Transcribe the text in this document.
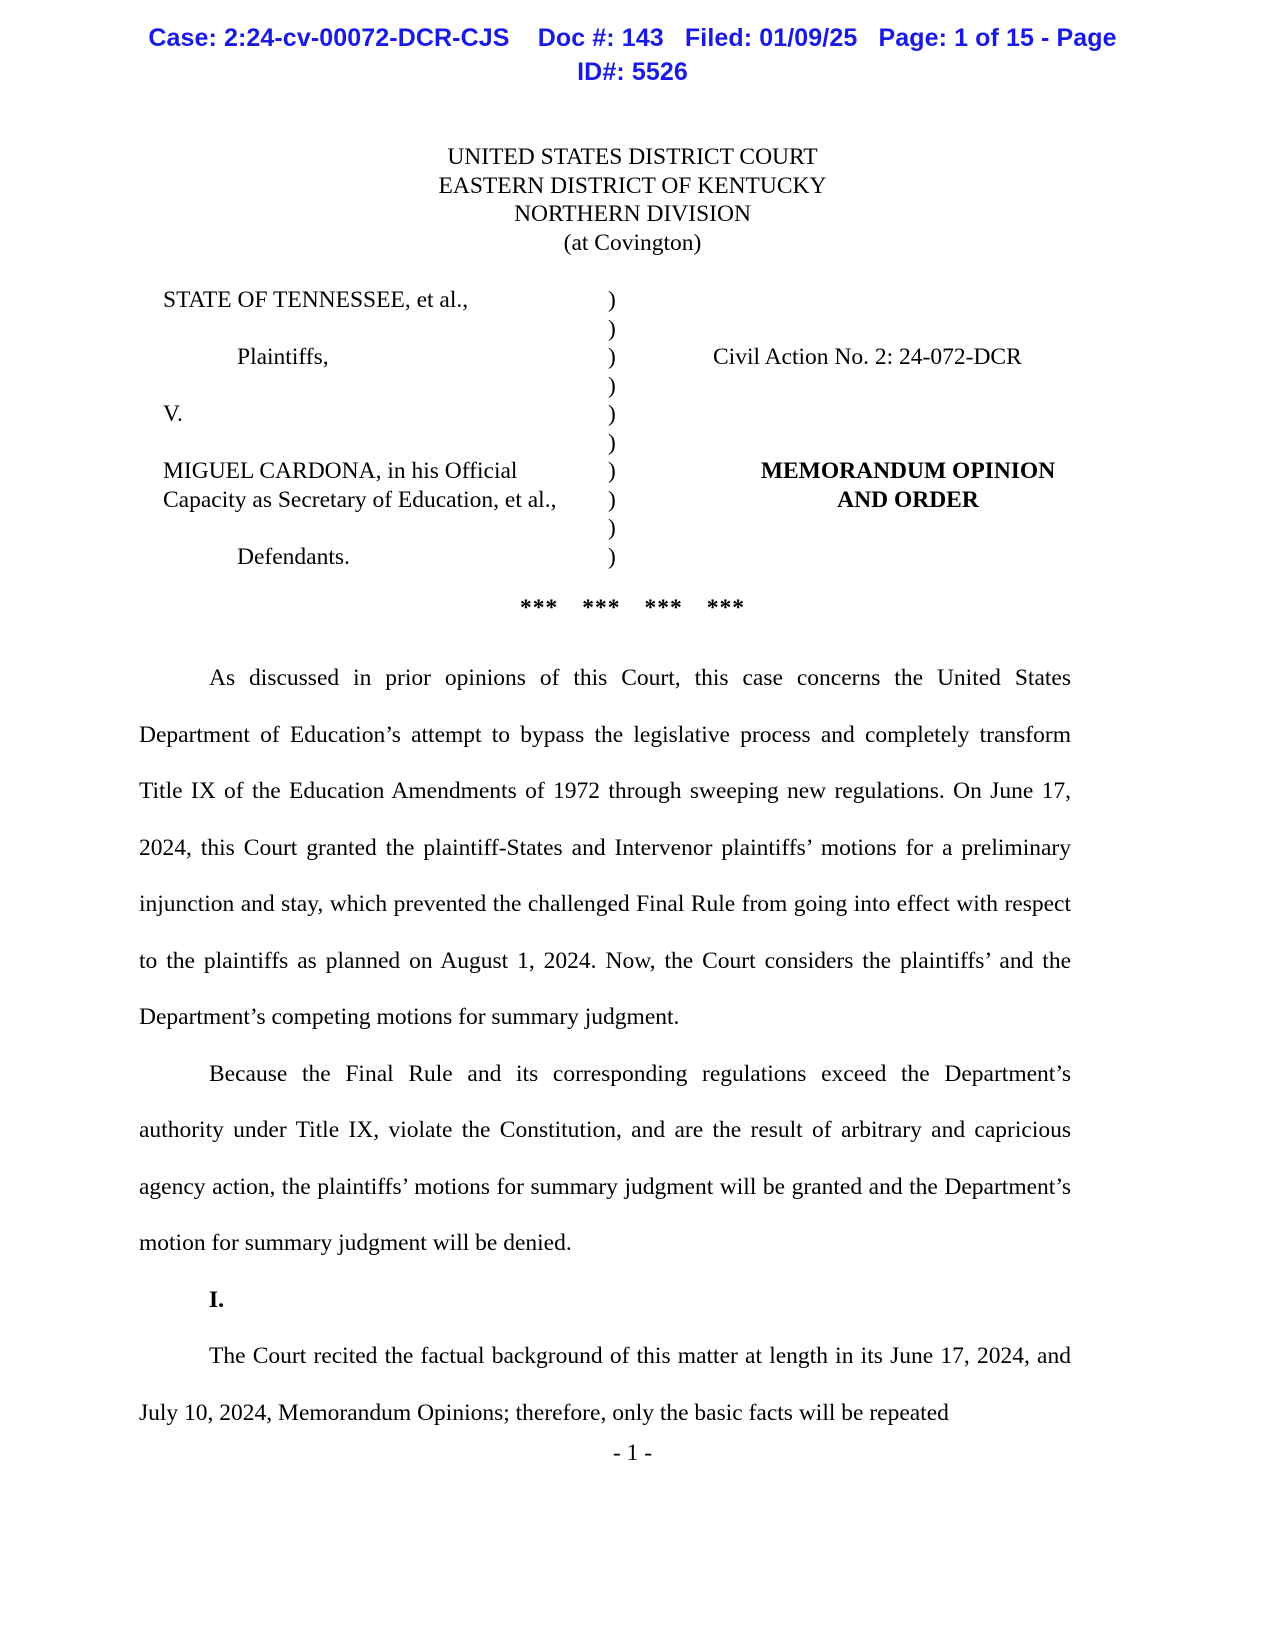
Case: 2:24-cv-00072-DCR-CJS Doc #: 143 Filed: 01/09/25 Page: 1 of 15 - Page
ID#: 5526
UNITED STATES DISTRICT COURT
EASTERN DISTRICT OF KENTUCKY
NORTHERN DIVISION
(at Covington)
STATE OF TENNESSEE, et al.,	)
)
Plaintiffs,	)	Civil Action No. 2: 24-072-DCR
)
V.	)
)
MIGUEL CARDONA, in his Official	)	MEMORANDUM OPINION
Capacity as Secretary of Education, et al.,	)	AND ORDER
)
Defendants.	)
*** *** *** ***

As discussed in prior opinions of this Court, this case concerns the United States Department of Education’s attempt to bypass the legislative process and completely transform Title IX of the Education Amendments of 1972 through sweeping new regulations. On June 17, 2024, this Court granted the plaintiff-States and Intervenor plaintiffs’ motions for a preliminary injunction and stay, which prevented the challenged Final Rule from going into effect with respect to the plaintiffs as planned on August 1, 2024. Now, the Court considers the plaintiffs’ and the Department’s competing motions for summary judgment.

Because the Final Rule and its corresponding regulations exceed the Department’s authority under Title IX, violate the Constitution, and are the result of arbitrary and capricious agency action, the plaintiffs’ motions for summary judgment will be granted and the Department’s motion for summary judgment will be denied.

I.

The Court recited the factual background of this matter at length in its June 17, 2024, and July 10, 2024, Memorandum Opinions; therefore, only the basic facts will be repeated

- 1 -
